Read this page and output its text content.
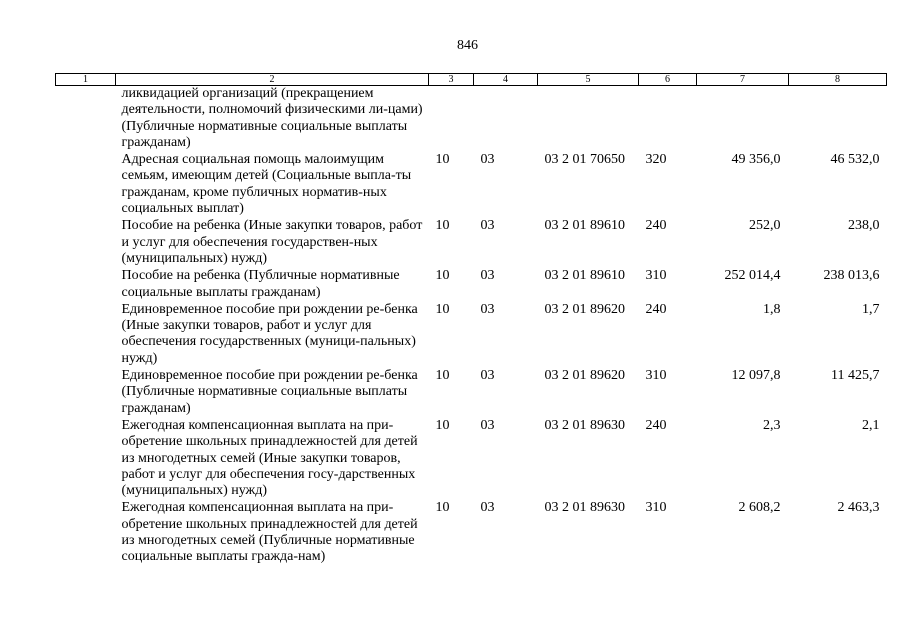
846
1	2	3	4	5	6	7	8
	ликвидацией организаций (прекращением деятельности, полномочий физическими ли-цами) (Публичные нормативные социальные выплаты гражданам)						
	Адресная социальная помощь малоимущим семьям, имеющим детей (Социальные выпла-ты гражданам, кроме публичных норматив-ных социальных выплат)	10	03	03 2 01 70650	320	49 356,0	46 532,0
	Пособие на ребенка (Иные закупки товаров, работ и услуг для обеспечения государствен-ных (муниципальных) нужд)	10	03	03 2 01 89610	240	252,0	238,0
	Пособие на ребенка (Публичные нормативные социальные выплаты гражданам)	10	03	03 2 01 89610	310	252 014,4	238 013,6
	Единовременное пособие при рождении ре-бенка (Иные закупки товаров, работ и услуг для обеспечения государственных (муници-пальных) нужд)	10	03	03 2 01 89620	240	1,8	1,7
	Единовременное пособие при рождении ре-бенка (Публичные нормативные социальные выплаты гражданам)	10	03	03 2 01 89620	310	12 097,8	11 425,7
	Ежегодная компенсационная выплата на при-обретение школьных принадлежностей для детей из многодетных семей (Иные закупки товаров, работ и услуг для обеспечения госу-дарственных (муниципальных) нужд)	10	03	03 2 01 89630	240	2,3	2,1
	Ежегодная компенсационная выплата на при-обретение школьных принадлежностей для детей из многодетных семей (Публичные нормативные социальные выплаты гражда-нам)	10	03	03 2 01 89630	310	2 608,2	2 463,3
